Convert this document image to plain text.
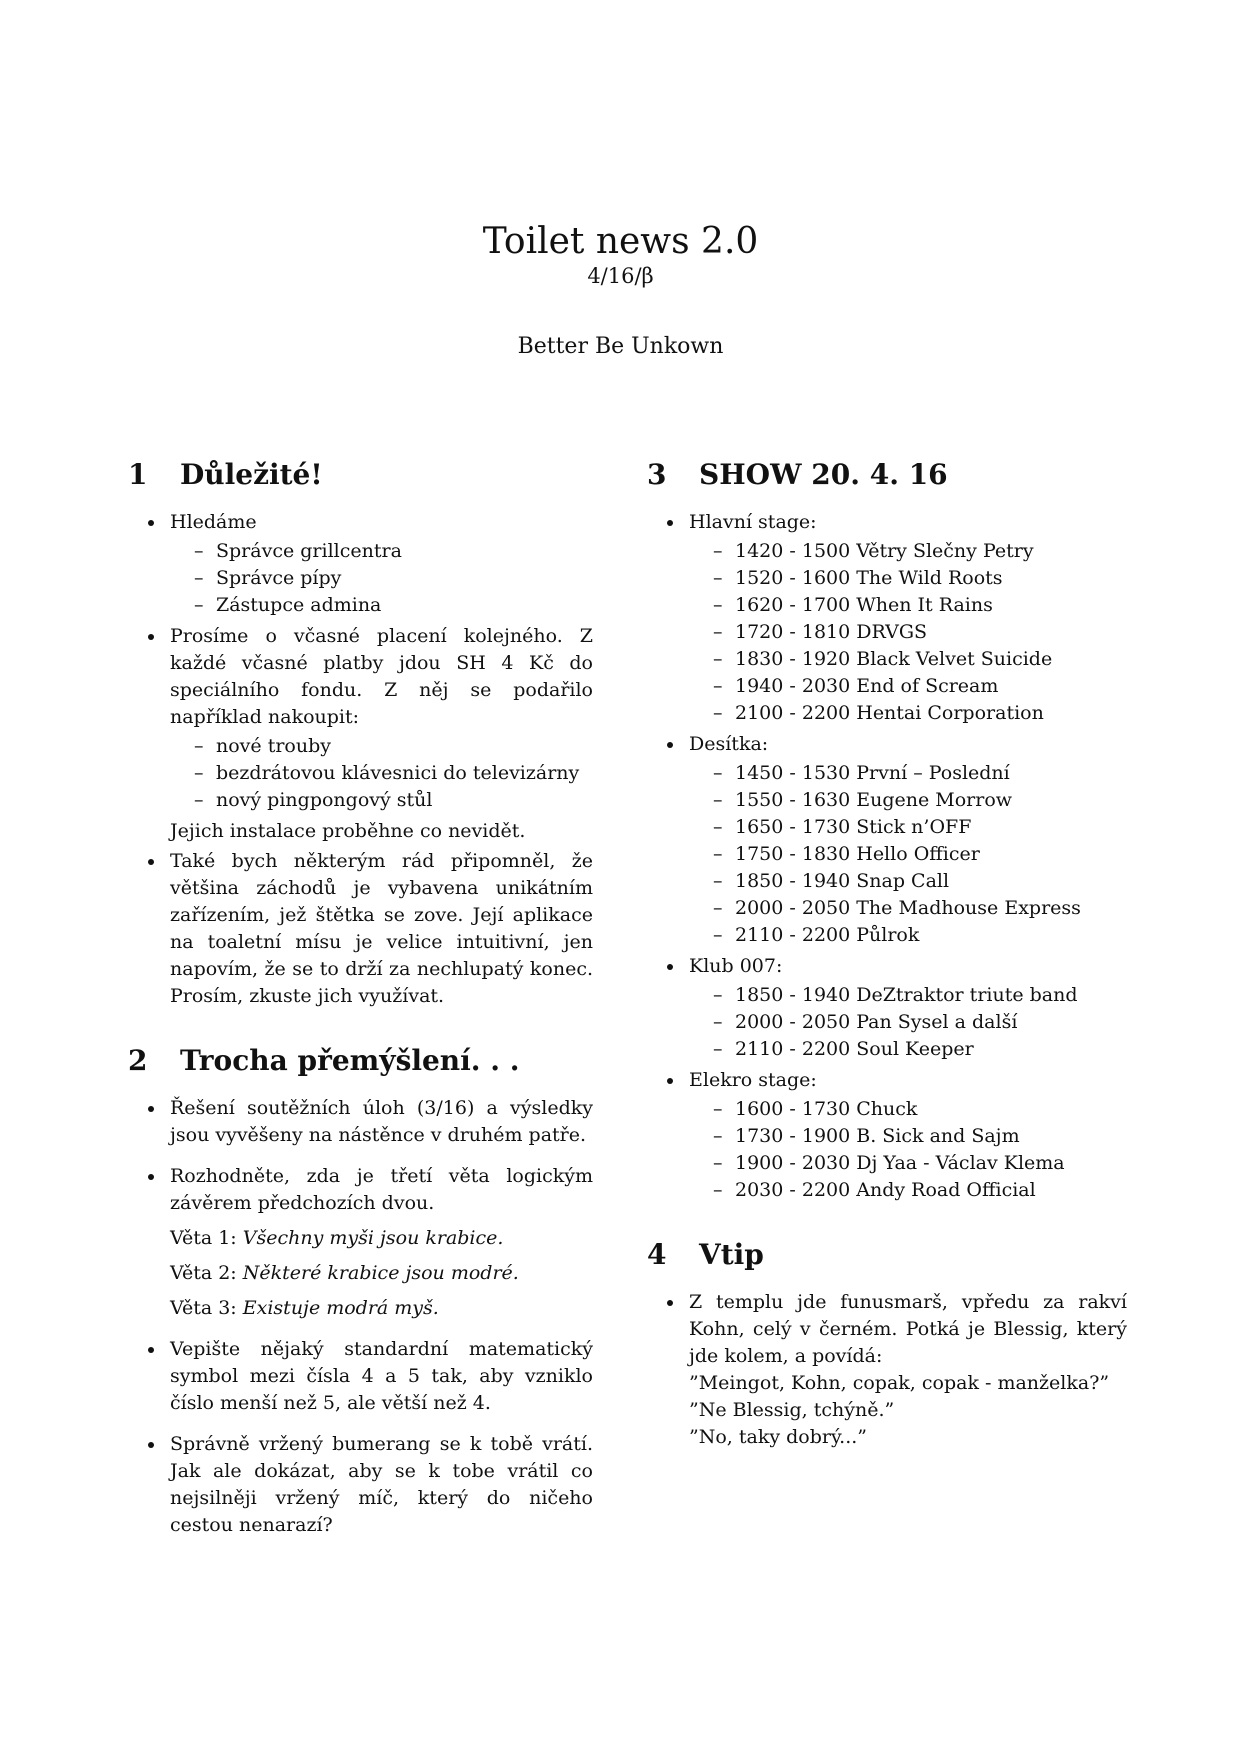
Toilet news 2.0
4/16/β
Better Be Unkown
1	Důležité!
Hledáme
– Správce grillcentra
– Správce pípy
– Zástupce admina
Prosíme o včasné placení kolejného. Z každé včasné platby jdou SH 4 Kč do speciálního fondu. Z něj se podařilo například nakoupit:
– nové trouby
– bezdrátovou klávesnici do televizárny
– nový pingpongový stůl
Jejich instalace proběhne co nevidět.
Také bych některým rád připomněl, že většina záchodů je vybavena unikátním zařízením, jež štětka se zove. Její aplikace na toaletní mísu je velice intuitivní, jen napovím, že se to drží za nechlupatý konec. Prosím, zkuste jich využívat.
2	Trocha přemýšlení. . .
Řešení soutěžních úloh (3/16) a výsledky jsou vyvěšeny na nástěnce v druhém patře.
Rozhodněte, zda je třetí věta logickým závěrem předchozích dvou.
Věta 1: Všechny myši jsou krabice.
Věta 2: Některé krabice jsou modré.
Věta 3: Existuje modrá myš.
Vepište nějaký standardní matematický symbol mezi čísla 4 a 5 tak, aby vzniklo číslo menší než 5, ale větší než 4.
Správně vržený bumerang se k tobě vrátí. Jak ale dokázat, aby se k tobe vrátil co nejsilněji vržený míč, který do ničeho cestou nenarazí?
3	SHOW 20. 4. 16
Hlavní stage:
– 1420 - 1500 Větry Slečny Petry
– 1520 - 1600 The Wild Roots
– 1620 - 1700 When It Rains
– 1720 - 1810 DRVGS
– 1830 - 1920 Black Velvet Suicide
– 1940 - 2030 End of Scream
– 2100 - 2200 Hentai Corporation
Desítka:
– 1450 - 1530 První – Poslední
– 1550 - 1630 Eugene Morrow
– 1650 - 1730 Stick n’OFF
– 1750 - 1830 Hello Officer
– 1850 - 1940 Snap Call
– 2000 - 2050 The Madhouse Express
– 2110 - 2200 Půlrok
Klub 007:
– 1850 - 1940 DeZtraktor triute band
– 2000 - 2050 Pan Sysel a další
– 2110 - 2200 Soul Keeper
Elekro stage:
– 1600 - 1730 Chuck
– 1730 - 1900 B. Sick and Sajm
– 1900 - 2030 Dj Yaa - Václav Klema
– 2030 - 2200 Andy Road Official
4	Vtip
Z templu jde funusmarš, vpředu za rakví Kohn, celý v černém. Potká je Blessig, který jde kolem, a povídá:
”Meingot, Kohn, copak, copak - manželka?”
”Ne Blessig, tchýně.”
”No, taky dobrý...”
